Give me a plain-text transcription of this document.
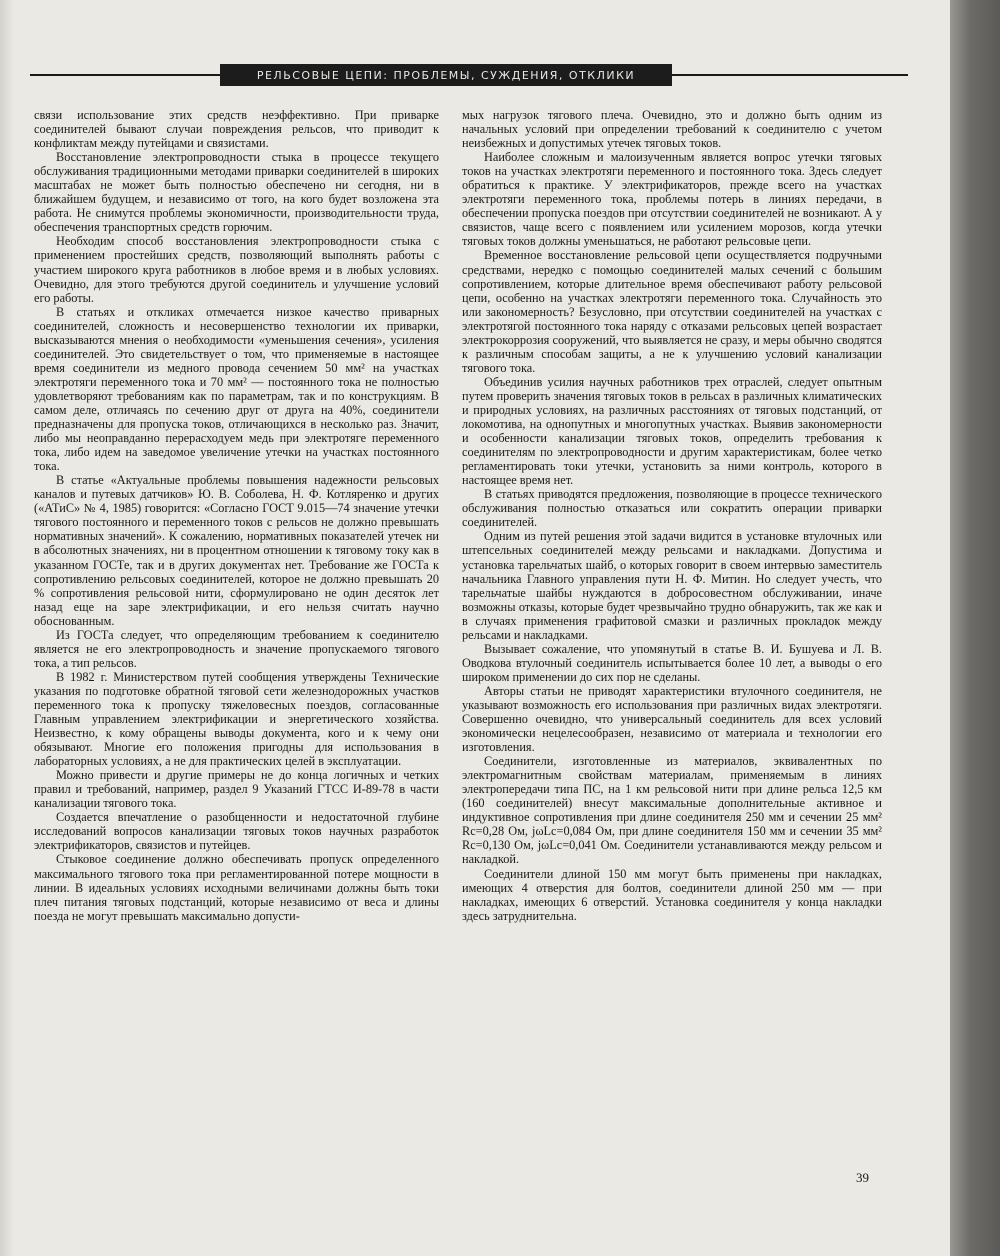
РЕЛЬСОВЫЕ ЦЕПИ: ПРОБЛЕМЫ, СУЖДЕНИЯ, ОТКЛИКИ

связи использование этих средств неэффективно. При приварке соединителей бывают случаи повреждения рельсов, что приводит к конфликтам между путейцами и связистами.

Восстановление электропроводности стыка в процессе текущего обслуживания традиционными методами приварки соединителей в широких масштабах не может быть полностью обеспечено ни сегодня, ни в ближайшем будущем, и независимо от того, на кого будет возложена эта работа. Не снимутся проблемы экономичности, производительности труда, обеспечения транспортных средств горючим.

Необходим способ восстановления электропроводности стыка с применением простейших средств, позволяющий выполнять работы с участием широкого круга работников в любое время и в любых условиях. Очевидно, для этого требуются другой соединитель и улучшение условий его работы.

В статьях и откликах отмечается низкое качество приварных соединителей, сложность и несовершенство технологии их приварки, высказываются мнения о необходимости «уменьшения сечения», усиления соединителей. Это свидетельствует о том, что применяемые в настоящее время соединители из медного провода сечением 50 мм² на участках электротяги переменного тока и 70 мм² — постоянного тока не полностью удовлетворяют требованиям как по параметрам, так и по конструкциям. В самом деле, отличаясь по сечению друг от друга на 40%, соединители предназначены для пропуска токов, отличающихся в несколько раз. Значит, либо мы неоправданно перерасходуем медь при электротяге переменного тока, либо идем на заведомое увеличение утечки на участках постоянного тока.

В статье «Актуальные проблемы повышения надежности рельсовых каналов и путевых датчиков» Ю. В. Соболева, Н. Ф. Котляренко и других («АТиС» № 4, 1985) говорится: «Согласно ГОСТ 9.015—74 значение утечки тягового постоянного и переменного токов с рельсов не должно превышать нормативных значений». К сожалению, нормативных показателей утечек ни в абсолютных значениях, ни в процентном отношении к тяговому току как в указанном ГОСТе, так и в других документах нет. Требование же ГОСТа к сопротивлению рельсовых соединителей, которое не должно превышать 20 % сопротивления рельсовой нити, сформулировано не один десяток лет назад еще на заре электрификации, и его нельзя считать научно обоснованным.

Из ГОСТа следует, что определяющим требованием к соединителю является не его электропроводность и значение пропускаемого тягового тока, а тип рельсов.

В 1982 г. Министерством путей сообщения утверждены Технические указания по подготовке обратной тяговой сети железнодорожных участков переменного тока к пропуску тяжеловесных поездов, согласованные Главным управлением электрификации и энергетического хозяйства. Неизвестно, к кому обращены выводы документа, кого и к чему они обязывают. Многие его положения пригодны для использования в лабораторных условиях, а не для практических целей в эксплуатации.

Можно привести и другие примеры не до конца логичных и четких правил и требований, например, раздел 9 Указаний ГТСС И-89-78 в части канализации тягового тока.

Создается впечатление о разобщенности и недостаточной глубине исследований вопросов канализации тяговых токов научных разработок электрификаторов, связистов и путейцев.

Стыковое соединение должно обеспечивать пропуск определенного максимального тягового тока при регламентированной потере мощности в линии. В идеальных условиях исходными величинами должны быть токи плеч питания тяговых подстанций, которые независимо от веса и длины поезда не могут превышать максимально допусти-

мых нагрузок тягового плеча. Очевидно, это и должно быть одним из начальных условий при определении требований к соединителю с учетом неизбежных и допустимых утечек тяговых токов.

Наиболее сложным и малоизученным является вопрос утечки тяговых токов на участках электротяги переменного и постоянного тока. Здесь следует обратиться к практике. У электрификаторов, прежде всего на участках электротяги переменного тока, проблемы потерь в линиях передачи, в обеспечении пропуска поездов при отсутствии соединителей не возникают. А у связистов, чаще всего с появлением или усилением морозов, когда утечки тяговых токов должны уменьшаться, не работают рельсовые цепи.

Временное восстановление рельсовой цепи осуществляется подручными средствами, нередко с помощью соединителей малых сечений с большим сопротивлением, которые длительное время обеспечивают работу рельсовой цепи, особенно на участках электротяги переменного тока. Случайность это или закономерность? Безусловно, при отсутствии соединителей на участках с электротягой постоянного тока наряду с отказами рельсовых цепей возрастает электрокоррозия сооружений, что выявляется не сразу, и меры обычно сводятся к различным способам защиты, а не к улучшению условий канализации тягового тока.

Объединив усилия научных работников трех отраслей, следует опытным путем проверить значения тяговых токов в рельсах в различных климатических и природных условиях, на различных расстояниях от тяговых подстанций, от локомотива, на однопутных и многопутных участках. Выявив закономерности и особенности канализации тяговых токов, определить требования к соединителям по электропроводности и другим характеристикам, более четко регламентировать токи утечки, установить за ними контроль, которого в настоящее время нет.

В статьях приводятся предложения, позволяющие в процессе технического обслуживания полностью отказаться или сократить операции приварки соединителей.

Одним из путей решения этой задачи видится в установке втулочных или штепсельных соединителей между рельсами и накладками. Допустима и установка тарельчатых шайб, о которых говорит в своем интервью заместитель начальника Главного управления пути Н. Ф. Митин. Но следует учесть, что тарельчатые шайбы нуждаются в добросовестном обслуживании, иначе возможны отказы, которые будет чрезвычайно трудно обнаружить, так же как и в случаях применения графитовой смазки и различных прокладок между рельсами и накладками.

Вызывает сожаление, что упомянутый в статье В. И. Бушуева и Л. В. Оводкова втулочный соединитель испытывается более 10 лет, а выводы о его широком применении до сих пор не сделаны.

Авторы статьи не приводят характеристики втулочного соединителя, не указывают возможность его использования при различных видах электротяги. Совершенно очевидно, что универсальный соединитель для всех условий экономически нецелесообразен, независимо от материала и технологии его изготовления.

Соединители, изготовленные из материалов, эквивалентных по электромагнитным свойствам материалам, применяемым в линиях электропередачи типа ПС, на 1 км рельсовой нити при длине рельса 12,5 км (160 соединителей) внесут максимальные дополнительные активное и индуктивное сопротивления при длине соединителя 250 мм и сечении 25 мм² Rс=0,28 Ом, jωLс=0,084 Ом, при длине соединителя 150 мм и сечении 35 мм² Rс=0,130 Ом, jωLс=0,041 Ом. Соединители устанавливаются между рельсом и накладкой.

Соединители длиной 150 мм могут быть применены при накладках, имеющих 4 отверстия для болтов, соединители длиной 250 мм — при накладках, имеющих 6 отверстий. Установка соединителя у конца накладки здесь затруднительна.

39
